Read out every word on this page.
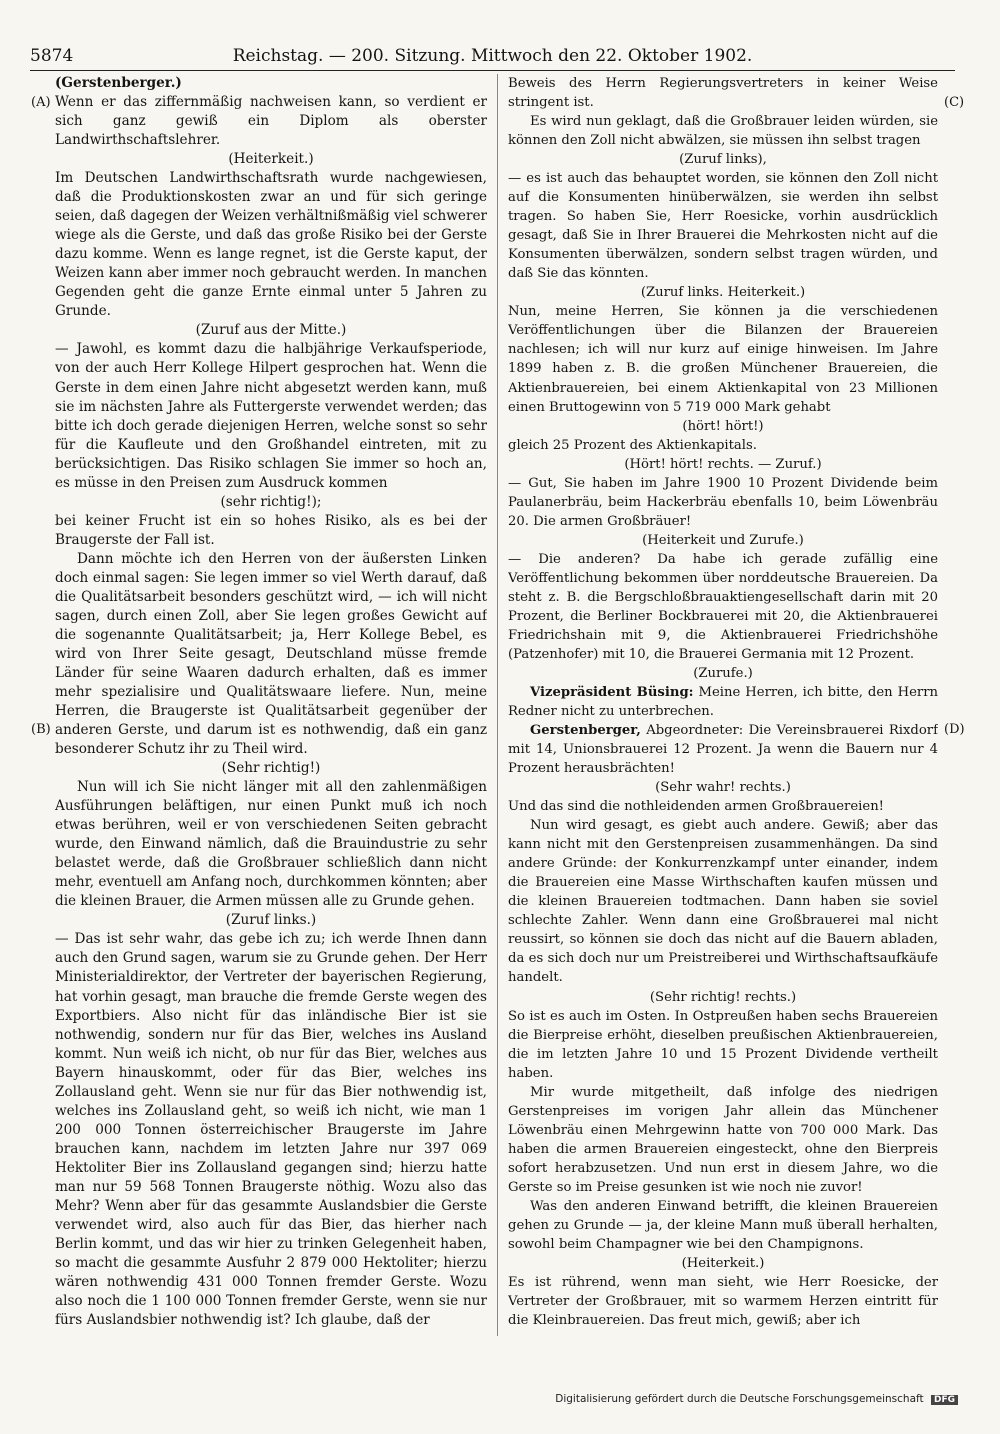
5874	Reichstag. — 200. Sitzung. Mittwoch den 22. Oktober 1902.
(A)
(B)
(C)
(D)

(Gerstenberger.)

Wenn er das ziffernmäßig nachweisen kann, so verdient er sich ganz gewiß ein Diplom als oberster Landwirthschaftslehrer.

(Heiterkeit.)

Im Deutschen Landwirthschaftsrath wurde nachgewiesen, daß die Produktionskosten zwar an und für sich geringe seien, daß dagegen der Weizen verhältnißmäßig viel schwerer wiege als die Gerste, und daß das große Risiko bei der Gerste dazu komme. Wenn es lange regnet, ist die Gerste kaput, der Weizen kann aber immer noch gebraucht werden. In manchen Gegenden geht die ganze Ernte einmal unter 5 Jahren zu Grunde.

(Zuruf aus der Mitte.)

— Jawohl, es kommt dazu die halbjährige Verkaufsperiode, von der auch Herr Kollege Hilpert gesprochen hat. Wenn die Gerste in dem einen Jahre nicht abgesetzt werden kann, muß sie im nächsten Jahre als Futtergerste verwendet werden; das bitte ich doch gerade diejenigen Herren, welche sonst so sehr für die Kaufleute und den Großhandel eintreten, mit zu berücksichtigen. Das Risiko schlagen Sie immer so hoch an, es müsse in den Preisen zum Ausdruck kommen

(sehr richtig!);

bei keiner Frucht ist ein so hohes Risiko, als es bei der Braugerste der Fall ist.

Dann möchte ich den Herren von der äußersten Linken doch einmal sagen: Sie legen immer so viel Werth darauf, daß die Qualitätsarbeit besonders geschützt wird, — ich will nicht sagen, durch einen Zoll, aber Sie legen großes Gewicht auf die sogenannte Qualitätsarbeit; ja, Herr Kollege Bebel, es wird von Ihrer Seite gesagt, Deutschland müsse fremde Länder für seine Waaren dadurch erhalten, daß es immer mehr spezialisire und Qualitätswaare liefere. Nun, meine Herren, die Braugerste ist Qualitätsarbeit gegenüber der anderen Gerste, und darum ist es nothwendig, daß ein ganz besonderer Schutz ihr zu Theil wird.

(Sehr richtig!)

Nun will ich Sie nicht länger mit all den zahlenmäßigen Ausführungen beläftigen, nur einen Punkt muß ich noch etwas berühren, weil er von verschiedenen Seiten gebracht wurde, den Einwand nämlich, daß die Brauindustrie zu sehr belastet werde, daß die Großbrauer schließlich dann nicht mehr, eventuell am Anfang noch, durchkommen könnten; aber die kleinen Brauer, die Armen müssen alle zu Grunde gehen.

(Zuruf links.)

— Das ist sehr wahr, das gebe ich zu; ich werde Ihnen dann auch den Grund sagen, warum sie zu Grunde gehen. Der Herr Ministerialdirektor, der Vertreter der bayerischen Regierung, hat vorhin gesagt, man brauche die fremde Gerste wegen des Exportbiers. Also nicht für das inländische Bier ist sie nothwendig, sondern nur für das Bier, welches ins Ausland kommt. Nun weiß ich nicht, ob nur für das Bier, welches aus Bayern hinauskommt, oder für das Bier, welches ins Zollausland geht. Wenn sie nur für das Bier nothwendig ist, welches ins Zollausland geht, so weiß ich nicht, wie man 1 200 000 Tonnen österreichischer Braugerste im Jahre brauchen kann, nachdem im letzten Jahre nur 397 069 Hektoliter Bier ins Zollausland gegangen sind; hierzu hatte man nur 59 568 Tonnen Braugerste nöthig. Wozu also das Mehr? Wenn aber für das gesammte Auslandsbier die Gerste verwendet wird, also auch für das Bier, das hierher nach Berlin kommt, und das wir hier zu trinken Gelegenheit haben, so macht die gesammte Ausfuhr 2 879 000 Hektoliter; hierzu wären nothwendig 431 000 Tonnen fremder Gerste. Wozu also noch die 1 100 000 Tonnen fremder Gerste, wenn sie nur fürs Auslandsbier nothwendig ist? Ich glaube, daß der

Beweis des Herrn Regierungsvertreters in keiner Weise stringent ist.

Es wird nun geklagt, daß die Großbrauer leiden würden, sie können den Zoll nicht abwälzen, sie müssen ihn selbst tragen

(Zuruf links),

— es ist auch das behauptet worden, sie können den Zoll nicht auf die Konsumenten hinüberwälzen, sie werden ihn selbst tragen. So haben Sie, Herr Roesicke, vorhin ausdrücklich gesagt, daß Sie in Ihrer Brauerei die Mehrkosten nicht auf die Konsumenten überwälzen, sondern selbst tragen würden, und daß Sie das könnten.

(Zuruf links. Heiterkeit.)

Nun, meine Herren, Sie können ja die verschiedenen Veröffentlichungen über die Bilanzen der Brauereien nachlesen; ich will nur kurz auf einige hinweisen. Im Jahre 1899 haben z. B. die großen Münchener Brauereien, die Aktienbrauereien, bei einem Aktienkapital von 23 Millionen einen Bruttogewinn von 5 719 000 Mark gehabt

(hört! hört!)

gleich 25 Prozent des Aktienkapitals.

(Hört! hört! rechts. — Zuruf.)

— Gut, Sie haben im Jahre 1900 10 Prozent Dividende beim Paulanerbräu, beim Hackerbräu ebenfalls 10, beim Löwenbräu 20. Die armen Großbräuer!

(Heiterkeit und Zurufe.)

— Die anderen? Da habe ich gerade zufällig eine Veröffentlichung bekommen über norddeutsche Brauereien. Da steht z. B. die Bergschloßbrauaktiengesellschaft darin mit 20 Prozent, die Berliner Bockbrauerei mit 20, die Aktienbrauerei Friedrichshain mit 9, die Aktienbrauerei Friedrichshöhe (Patzenhofer) mit 10, die Brauerei Germania mit 12 Prozent.

(Zurufe.)

Vizepräsident Büsing: Meine Herren, ich bitte, den Herrn Redner nicht zu unterbrechen.

Gerstenberger, Abgeordneter: Die Vereinsbrauerei Rixdorf mit 14, Unionsbrauerei 12 Prozent. Ja wenn die Bauern nur 4 Prozent herausbrächten!

(Sehr wahr! rechts.)

Und das sind die nothleidenden armen Großbrauereien!

Nun wird gesagt, es giebt auch andere. Gewiß; aber das kann nicht mit den Gerstenpreisen zusammenhängen. Da sind andere Gründe: der Konkurrenzkampf unter einander, indem die Brauereien eine Masse Wirthschaften kaufen müssen und die kleinen Brauereien todtmachen. Dann haben sie soviel schlechte Zahler. Wenn dann eine Großbrauerei mal nicht reussirt, so können sie doch das nicht auf die Bauern abladen, da es sich doch nur um Preistreiberei und Wirthschaftsaufkäufe handelt.

(Sehr richtig! rechts.)

So ist es auch im Osten. In Ostpreußen haben sechs Brauereien die Bierpreise erhöht, dieselben preußischen Aktienbrauereien, die im letzten Jahre 10 und 15 Prozent Dividende vertheilt haben.

Mir wurde mitgetheilt, daß infolge des niedrigen Gerstenpreises im vorigen Jahr allein das Münchener Löwenbräu einen Mehrgewinn hatte von 700 000 Mark. Das haben die armen Brauereien eingesteckt, ohne den Bierpreis sofort herabzusetzen. Und nun erst in diesem Jahre, wo die Gerste so im Preise gesunken ist wie noch nie zuvor!

Was den anderen Einwand betrifft, die kleinen Brauereien gehen zu Grunde — ja, der kleine Mann muß überall herhalten, sowohl beim Champagner wie bei den Champignons.

(Heiterkeit.)

Es ist rührend, wenn man sieht, wie Herr Roesicke, der Vertreter der Großbrauer, mit so warmem Herzen eintritt für die Kleinbrauereien. Das freut mich, gewiß; aber ich

Digitalisierung gefördert durch die Deutsche Forschungsgemeinschaft DFG
